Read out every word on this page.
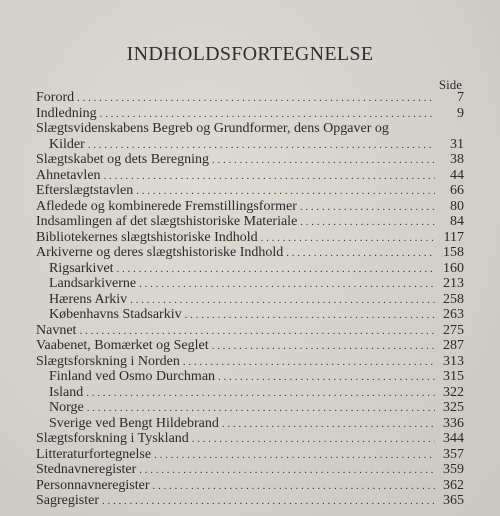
INDHOLDSFORTEGNELSE
Side
Forord . . .	7
Indledning . . .	9
Slægtsvidenskabens Begreb og Grundformer, dens Opgaver og
Kilder . . .	31
Slægtskabet og dets Beregning . . .	38
Ahnetavlen . . .	44
Efterslægtstavlen . . .	66
Afledede og kombinerede Fremstillingsformer . . .	80
Indsamlingen af det slægtshistoriske Materiale . . .	84
Bibliotekernes slægtshistoriske Indhold . . .	117
Arkiverne og deres slægtshistoriske Indhold . . .	158
Rigsarkivet . . .	160
Landsarkiverne . . .	213
Hærens Arkiv . . .	258
Københavns Stadsarkiv . . .	263
Navnet . . .	275
Vaabenet, Bomærket og Seglet . . .	287
Slægtsforskning i Norden . . .	313
Finland ved Osmo Durchman . . .	315
Island . . .	322
Norge . . .	325
Sverige ved Bengt Hildebrand . . .	336
Slægtsforskning i Tyskland . . .	344
Litteraturfortegnelse . . .	357
Stednavneregister . . .	359
Personnavneregister . . .	362
Sagregister . . .	365
